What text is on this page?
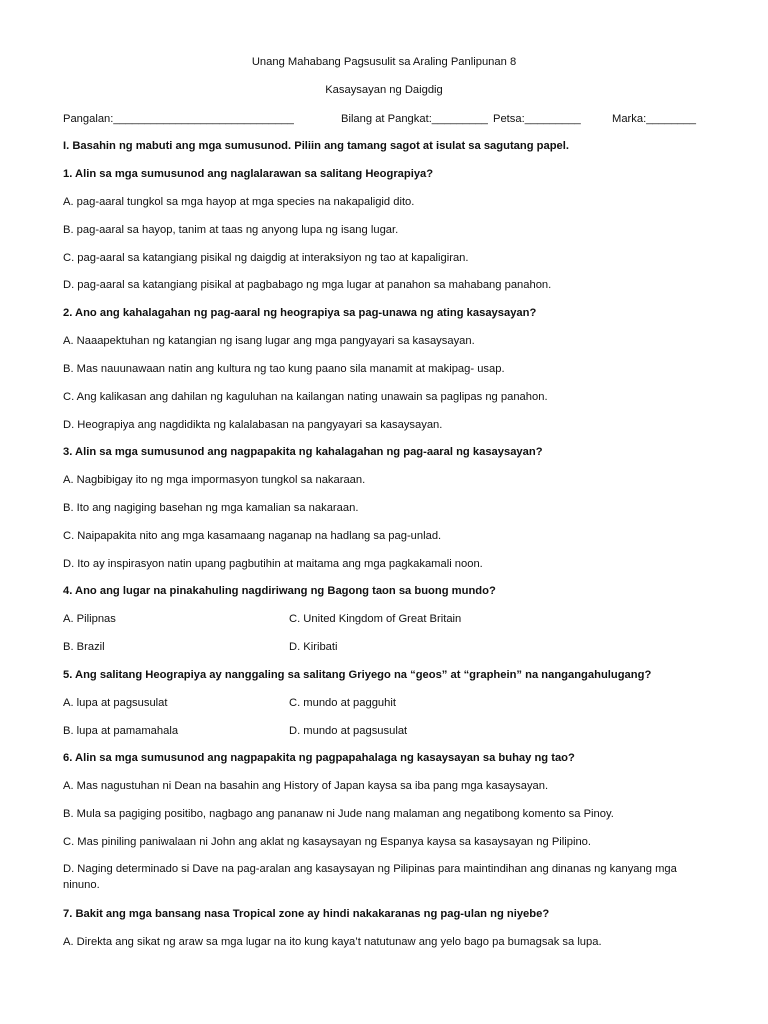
Unang Mahabang Pagsusulit sa Araling Panlipunan 8
Kasaysayan ng Daigdig
Pangalan:_____________________________	Bilang at Pangkat:_________ Petsa:_________	Marka:________
I. Basahin ng mabuti ang mga sumusunod. Piliin ang tamang sagot at isulat sa sagutang papel.
1. Alin sa mga sumusunod ang naglalarawan sa salitang Heograpiya?
A. pag-aaral tungkol sa mga hayop at mga species na nakapaligid dito.
B. pag-aaral sa hayop, tanim at taas ng anyong lupa ng isang lugar.
C. pag-aaral sa katangiang pisikal ng daigdig at interaksiyon ng tao at kapaligiran.
D. pag-aaral sa katangiang pisikal at pagbabago ng mga lugar at panahon sa mahabang panahon.
2. Ano ang kahalagahan ng pag-aaral ng heograpiya sa pag-unawa ng ating kasaysayan?
A. Naaapektuhan ng katangian ng isang lugar ang mga pangyayari sa kasaysayan.
B. Mas nauunawaan natin ang kultura ng tao kung paano sila manamit at makipag- usap.
C. Ang kalikasan ang dahilan ng kaguluhan na kailangan nating unawain sa paglipas ng panahon.
D. Heograpiya ang nagdidikta ng kalalabasan na pangyayari sa kasaysayan.
3. Alin sa mga sumusunod ang nagpapakita ng kahalagahan ng pag-aaral ng kasaysayan?
A. Nagbibigay ito ng mga impormasyon tungkol sa nakaraan.
B. Ito ang nagiging basehan ng mga kamalian sa nakaraan.
C. Naipapakita nito ang mga kasamaang naganap na hadlang sa pag-unlad.
D. Ito ay inspirasyon natin upang pagbutihin at maitama ang mga pagkakamali noon.
4. Ano ang lugar na pinakahuling nagdiriwang ng Bagong taon sa buong mundo?
A. Pilipnas	C. United Kingdom of Great Britain
B. Brazil	D. Kiribati
5. Ang salitang Heograpiya ay nanggaling sa salitang Griyego na “geos” at “graphein” na nangangahulugang?
A. lupa at pagsusulat	C. mundo at pagguhit
B. lupa at pamamahala	D. mundo at pagsusulat
6. Alin sa mga sumusunod ang nagpapakita ng pagpapahalaga ng kasaysayan sa buhay ng tao?
A. Mas nagustuhan ni Dean na basahin ang History of Japan kaysa sa iba pang mga kasaysayan.
B. Mula sa pagiging positibo, nagbago ang pananaw ni Jude nang malaman ang negatibong komento sa Pinoy.
C. Mas piniling paniwalaan ni John ang aklat ng kasaysayan ng Espanya kaysa sa kasaysayan ng Pilipino.
D. Naging determinado si Dave na pag-aralan ang kasaysayan ng Pilipinas para maintindihan ang dinanas ng kanyang mga ninuno.
7. Bakit ang mga bansang nasa Tropical zone ay hindi nakakaranas ng pag-ulan ng niyebe?
A. Direkta ang sikat ng araw sa mga lugar na ito kung kaya’t natutunaw ang yelo bago pa bumagsak sa lupa.
